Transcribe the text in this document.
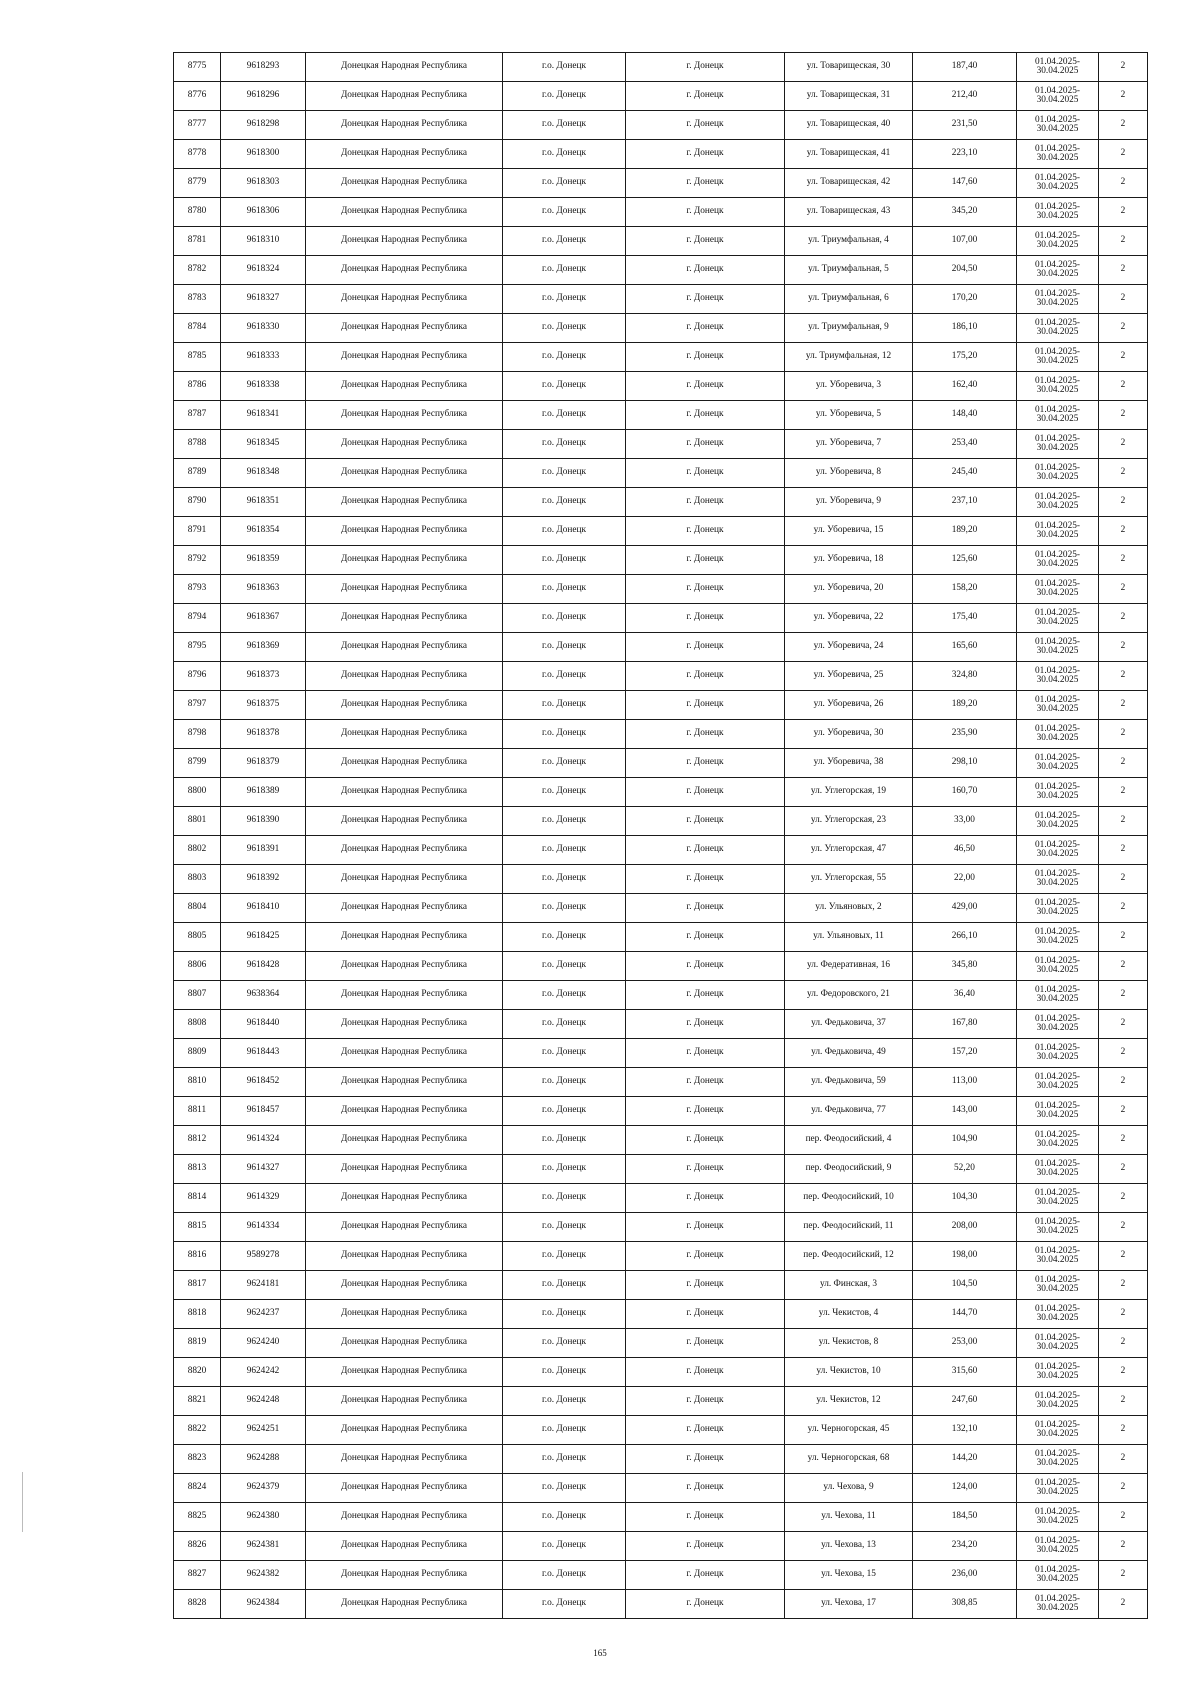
8775	9618293	Донецкая Народная Республика	г.о. Донецк	г. Донецк	ул. Товарищеская, 30	187,40	01.04.2025-
30.04.2025	2
8776	9618296	Донецкая Народная Республика	г.о. Донецк	г. Донецк	ул. Товарищеская, 31	212,40	01.04.2025-
30.04.2025	2
8777	9618298	Донецкая Народная Республика	г.о. Донецк	г. Донецк	ул. Товарищеская, 40	231,50	01.04.2025-
30.04.2025	2
8778	9618300	Донецкая Народная Республика	г.о. Донецк	г. Донецк	ул. Товарищеская, 41	223,10	01.04.2025-
30.04.2025	2
8779	9618303	Донецкая Народная Республика	г.о. Донецк	г. Донецк	ул. Товарищеская, 42	147,60	01.04.2025-
30.04.2025	2
8780	9618306	Донецкая Народная Республика	г.о. Донецк	г. Донецк	ул. Товарищеская, 43	345,20	01.04.2025-
30.04.2025	2
8781	9618310	Донецкая Народная Республика	г.о. Донецк	г. Донецк	ул. Триумфальная, 4	107,00	01.04.2025-
30.04.2025	2
8782	9618324	Донецкая Народная Республика	г.о. Донецк	г. Донецк	ул. Триумфальная, 5	204,50	01.04.2025-
30.04.2025	2
8783	9618327	Донецкая Народная Республика	г.о. Донецк	г. Донецк	ул. Триумфальная, 6	170,20	01.04.2025-
30.04.2025	2
8784	9618330	Донецкая Народная Республика	г.о. Донецк	г. Донецк	ул. Триумфальная, 9	186,10	01.04.2025-
30.04.2025	2
8785	9618333	Донецкая Народная Республика	г.о. Донецк	г. Донецк	ул. Триумфальная, 12	175,20	01.04.2025-
30.04.2025	2
8786	9618338	Донецкая Народная Республика	г.о. Донецк	г. Донецк	ул. Уборевича, 3	162,40	01.04.2025-
30.04.2025	2
8787	9618341	Донецкая Народная Республика	г.о. Донецк	г. Донецк	ул. Уборевича, 5	148,40	01.04.2025-
30.04.2025	2
8788	9618345	Донецкая Народная Республика	г.о. Донецк	г. Донецк	ул. Уборевича, 7	253,40	01.04.2025-
30.04.2025	2
8789	9618348	Донецкая Народная Республика	г.о. Донецк	г. Донецк	ул. Уборевича, 8	245,40	01.04.2025-
30.04.2025	2
8790	9618351	Донецкая Народная Республика	г.о. Донецк	г. Донецк	ул. Уборевича, 9	237,10	01.04.2025-
30.04.2025	2
8791	9618354	Донецкая Народная Республика	г.о. Донецк	г. Донецк	ул. Уборевича, 15	189,20	01.04.2025-
30.04.2025	2
8792	9618359	Донецкая Народная Республика	г.о. Донецк	г. Донецк	ул. Уборевича, 18	125,60	01.04.2025-
30.04.2025	2
8793	9618363	Донецкая Народная Республика	г.о. Донецк	г. Донецк	ул. Уборевича, 20	158,20	01.04.2025-
30.04.2025	2
8794	9618367	Донецкая Народная Республика	г.о. Донецк	г. Донецк	ул. Уборевича, 22	175,40	01.04.2025-
30.04.2025	2
8795	9618369	Донецкая Народная Республика	г.о. Донецк	г. Донецк	ул. Уборевича, 24	165,60	01.04.2025-
30.04.2025	2
8796	9618373	Донецкая Народная Республика	г.о. Донецк	г. Донецк	ул. Уборевича, 25	324,80	01.04.2025-
30.04.2025	2
8797	9618375	Донецкая Народная Республика	г.о. Донецк	г. Донецк	ул. Уборевича, 26	189,20	01.04.2025-
30.04.2025	2
8798	9618378	Донецкая Народная Республика	г.о. Донецк	г. Донецк	ул. Уборевича, 30	235,90	01.04.2025-
30.04.2025	2
8799	9618379	Донецкая Народная Республика	г.о. Донецк	г. Донецк	ул. Уборевича, 38	298,10	01.04.2025-
30.04.2025	2
8800	9618389	Донецкая Народная Республика	г.о. Донецк	г. Донецк	ул. Углегорская, 19	160,70	01.04.2025-
30.04.2025	2
8801	9618390	Донецкая Народная Республика	г.о. Донецк	г. Донецк	ул. Углегорская, 23	33,00	01.04.2025-
30.04.2025	2
8802	9618391	Донецкая Народная Республика	г.о. Донецк	г. Донецк	ул. Углегорская, 47	46,50	01.04.2025-
30.04.2025	2
8803	9618392	Донецкая Народная Республика	г.о. Донецк	г. Донецк	ул. Углегорская, 55	22,00	01.04.2025-
30.04.2025	2
8804	9618410	Донецкая Народная Республика	г.о. Донецк	г. Донецк	ул. Ульяновых, 2	429,00	01.04.2025-
30.04.2025	2
8805	9618425	Донецкая Народная Республика	г.о. Донецк	г. Донецк	ул. Ульяновых, 11	266,10	01.04.2025-
30.04.2025	2
8806	9618428	Донецкая Народная Республика	г.о. Донецк	г. Донецк	ул. Федеративная, 16	345,80	01.04.2025-
30.04.2025	2
8807	9638364	Донецкая Народная Республика	г.о. Донецк	г. Донецк	ул. Федоровского, 21	36,40	01.04.2025-
30.04.2025	2
8808	9618440	Донецкая Народная Республика	г.о. Донецк	г. Донецк	ул. Федьковича, 37	167,80	01.04.2025-
30.04.2025	2
8809	9618443	Донецкая Народная Республика	г.о. Донецк	г. Донецк	ул. Федьковича, 49	157,20	01.04.2025-
30.04.2025	2
8810	9618452	Донецкая Народная Республика	г.о. Донецк	г. Донецк	ул. Федьковича, 59	113,00	01.04.2025-
30.04.2025	2
8811	9618457	Донецкая Народная Республика	г.о. Донецк	г. Донецк	ул. Федьковича, 77	143,00	01.04.2025-
30.04.2025	2
8812	9614324	Донецкая Народная Республика	г.о. Донецк	г. Донецк	пер. Феодосийский, 4	104,90	01.04.2025-
30.04.2025	2
8813	9614327	Донецкая Народная Республика	г.о. Донецк	г. Донецк	пер. Феодосийский, 9	52,20	01.04.2025-
30.04.2025	2
8814	9614329	Донецкая Народная Республика	г.о. Донецк	г. Донецк	пер. Феодосийский, 10	104,30	01.04.2025-
30.04.2025	2
8815	9614334	Донецкая Народная Республика	г.о. Донецк	г. Донецк	пер. Феодосийский, 11	208,00	01.04.2025-
30.04.2025	2
8816	9589278	Донецкая Народная Республика	г.о. Донецк	г. Донецк	пер. Феодосийский, 12	198,00	01.04.2025-
30.04.2025	2
8817	9624181	Донецкая Народная Республика	г.о. Донецк	г. Донецк	ул. Финская, 3	104,50	01.04.2025-
30.04.2025	2
8818	9624237	Донецкая Народная Республика	г.о. Донецк	г. Донецк	ул. Чекистов, 4	144,70	01.04.2025-
30.04.2025	2
8819	9624240	Донецкая Народная Республика	г.о. Донецк	г. Донецк	ул. Чекистов, 8	253,00	01.04.2025-
30.04.2025	2
8820	9624242	Донецкая Народная Республика	г.о. Донецк	г. Донецк	ул. Чекистов, 10	315,60	01.04.2025-
30.04.2025	2
8821	9624248	Донецкая Народная Республика	г.о. Донецк	г. Донецк	ул. Чекистов, 12	247,60	01.04.2025-
30.04.2025	2
8822	9624251	Донецкая Народная Республика	г.о. Донецк	г. Донецк	ул. Черногорская, 45	132,10	01.04.2025-
30.04.2025	2
8823	9624288	Донецкая Народная Республика	г.о. Донецк	г. Донецк	ул. Черногорская, 68	144,20	01.04.2025-
30.04.2025	2
8824	9624379	Донецкая Народная Республика	г.о. Донецк	г. Донецк	ул. Чехова, 9	124,00	01.04.2025-
30.04.2025	2
8825	9624380	Донецкая Народная Республика	г.о. Донецк	г. Донецк	ул. Чехова, 11	184,50	01.04.2025-
30.04.2025	2
8826	9624381	Донецкая Народная Республика	г.о. Донецк	г. Донецк	ул. Чехова, 13	234,20	01.04.2025-
30.04.2025	2
8827	9624382	Донецкая Народная Республика	г.о. Донецк	г. Донецк	ул. Чехова, 15	236,00	01.04.2025-
30.04.2025	2
8828	9624384	Донецкая Народная Республика	г.о. Донецк	г. Донецк	ул. Чехова, 17	308,85	01.04.2025-
30.04.2025	2
165
